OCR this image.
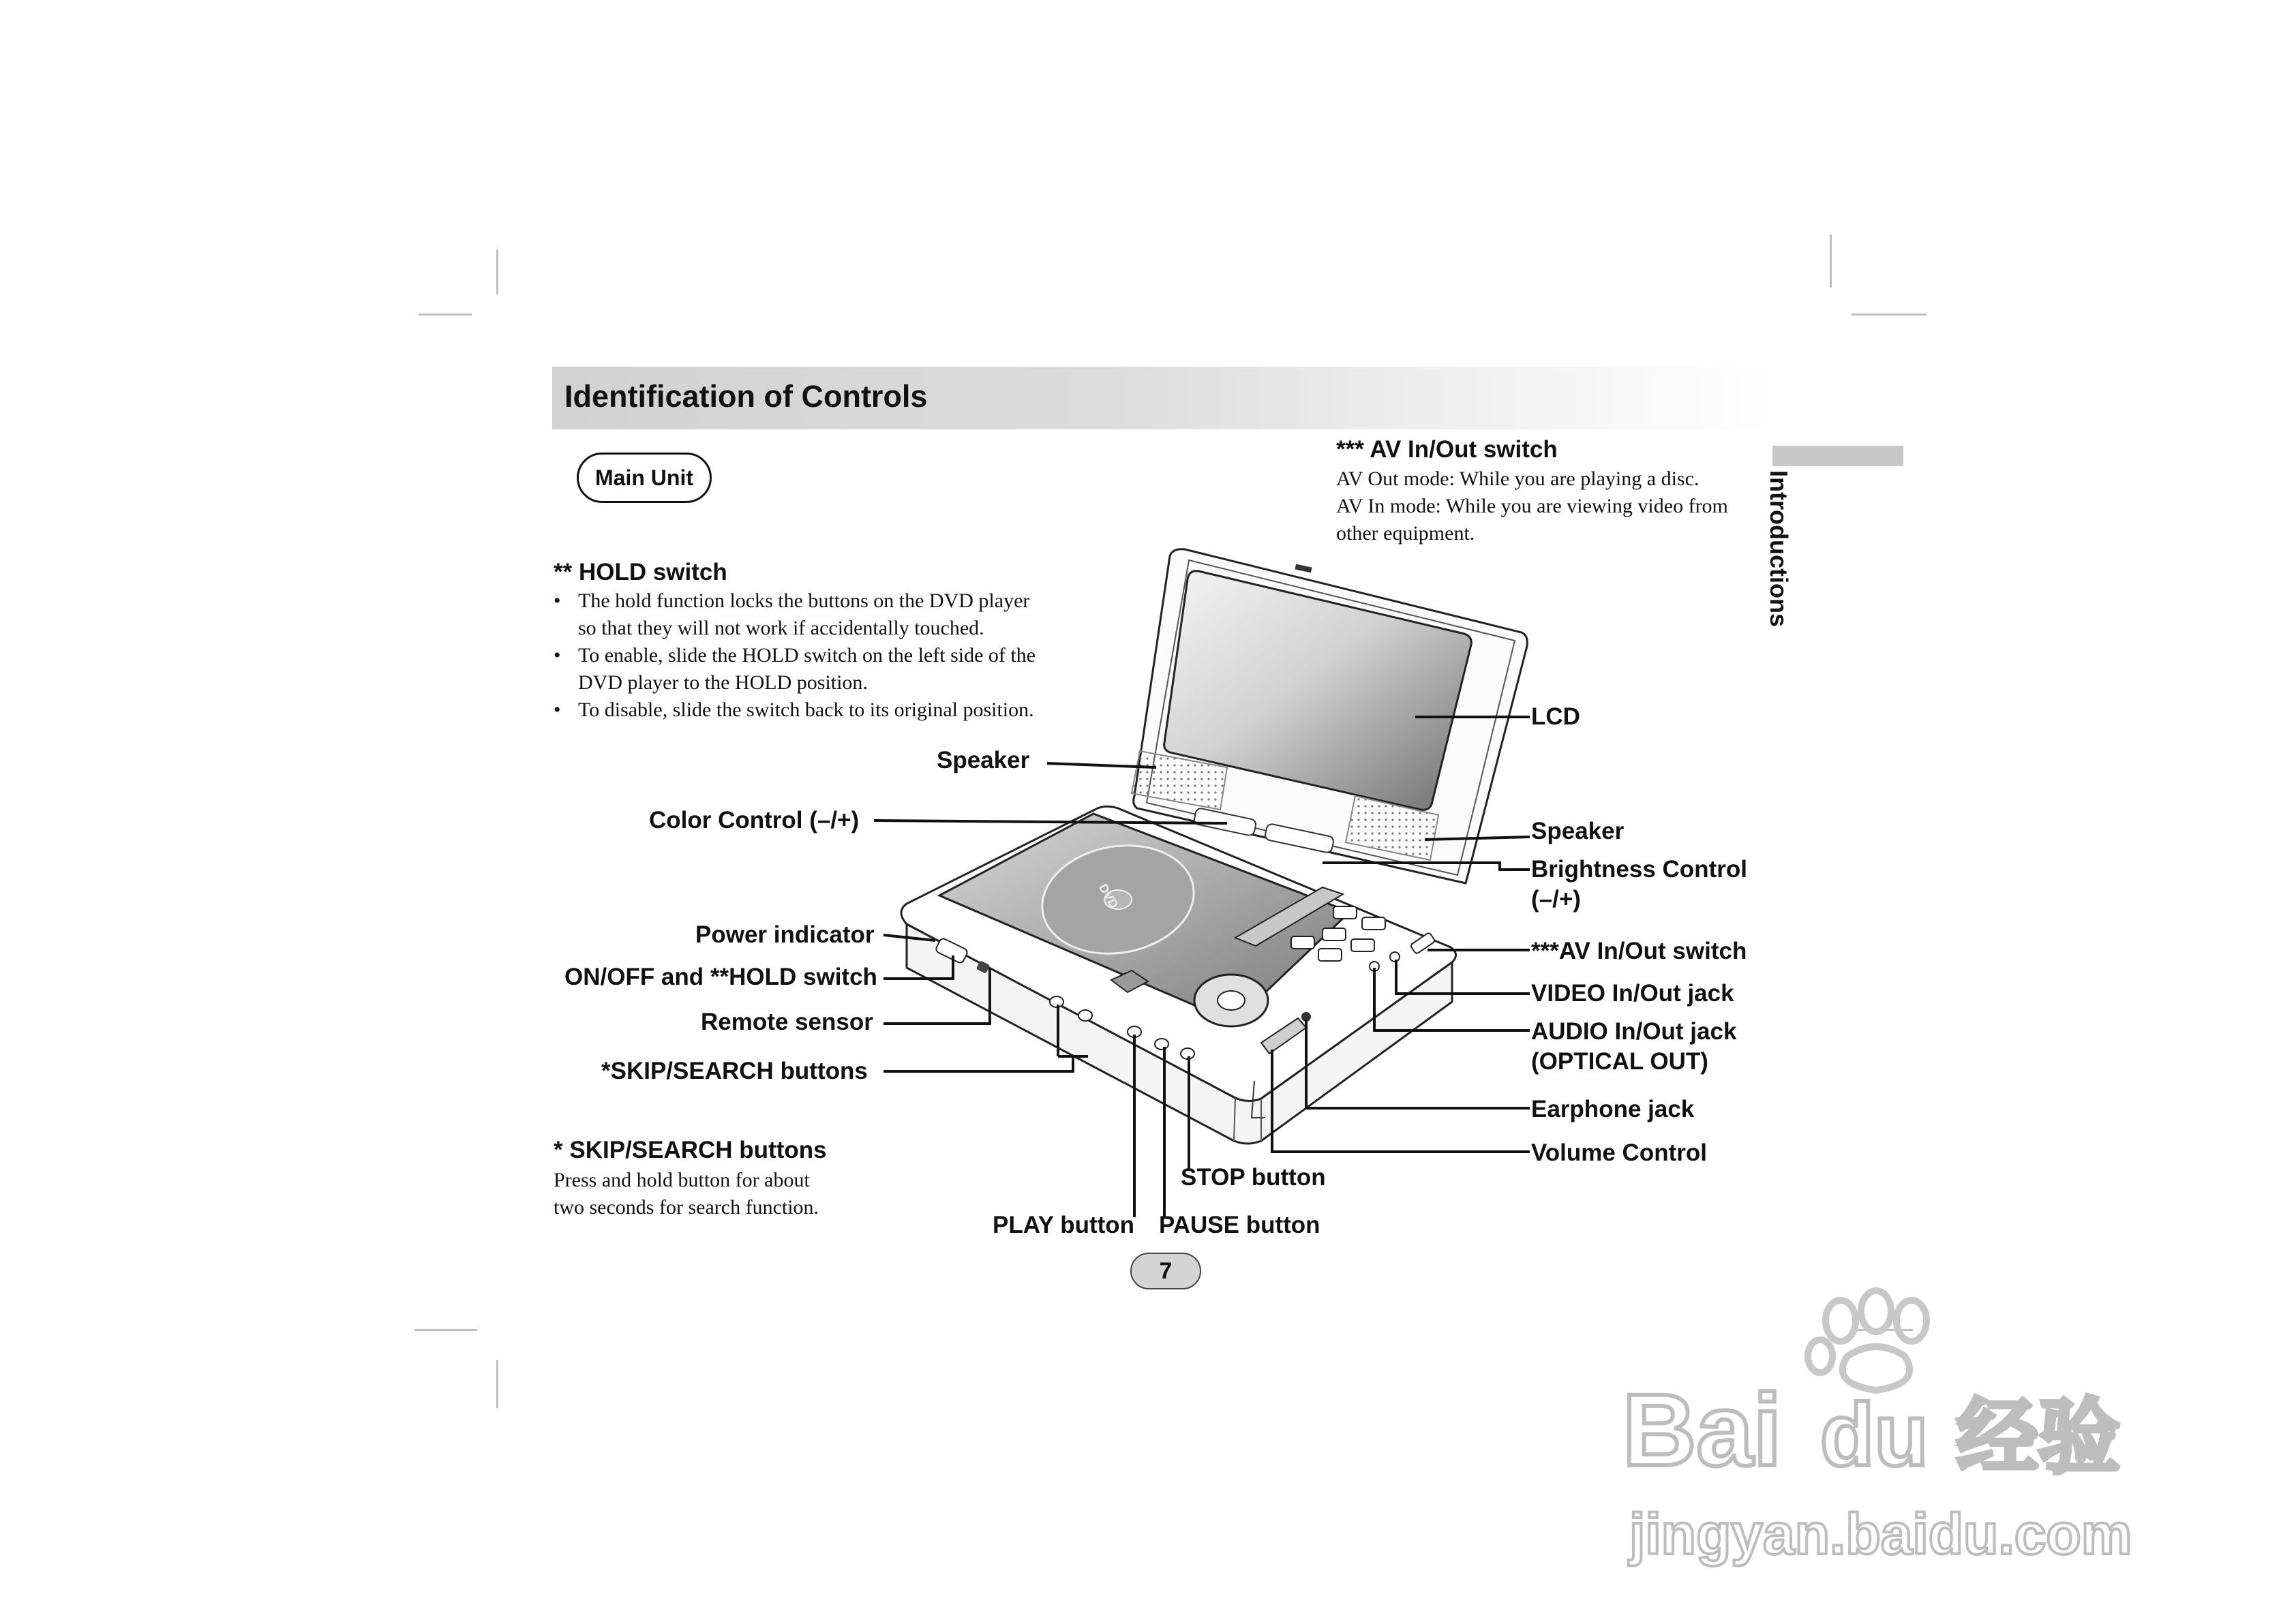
Identification of Controls
Main Unit	Introductions
*** AV In/Out switch
AV Out mode: While you are playing a disc.
AV In mode: While you are viewing video from
other equipment.
** HOLD switch
• The hold function locks the buttons on the DVD player
so that they will not work if accidentally touched.
• To enable, slide the HOLD switch on the left side of the
DVD player to the HOLD position.
• To disable, slide the switch back to its original position.
* SKIP/SEARCH buttons
Press and hold button for about
two seconds for search function.
DVD
Speaker
Color Control (–/+)
Power indicator
ON/OFF and **HOLD switch
Remote sensor
*SKIP/SEARCH buttons
STOP button
PLAY button PAUSE button
LCD
Speaker
Brightness Control
(–/+)
***AV In/Out switch
VIDEO In/Out jack
AUDIO In/Out jack
(OPTICAL OUT)
Earphone jack
Volume Control
7
Bai du 经验
jingyan.baidu.com
